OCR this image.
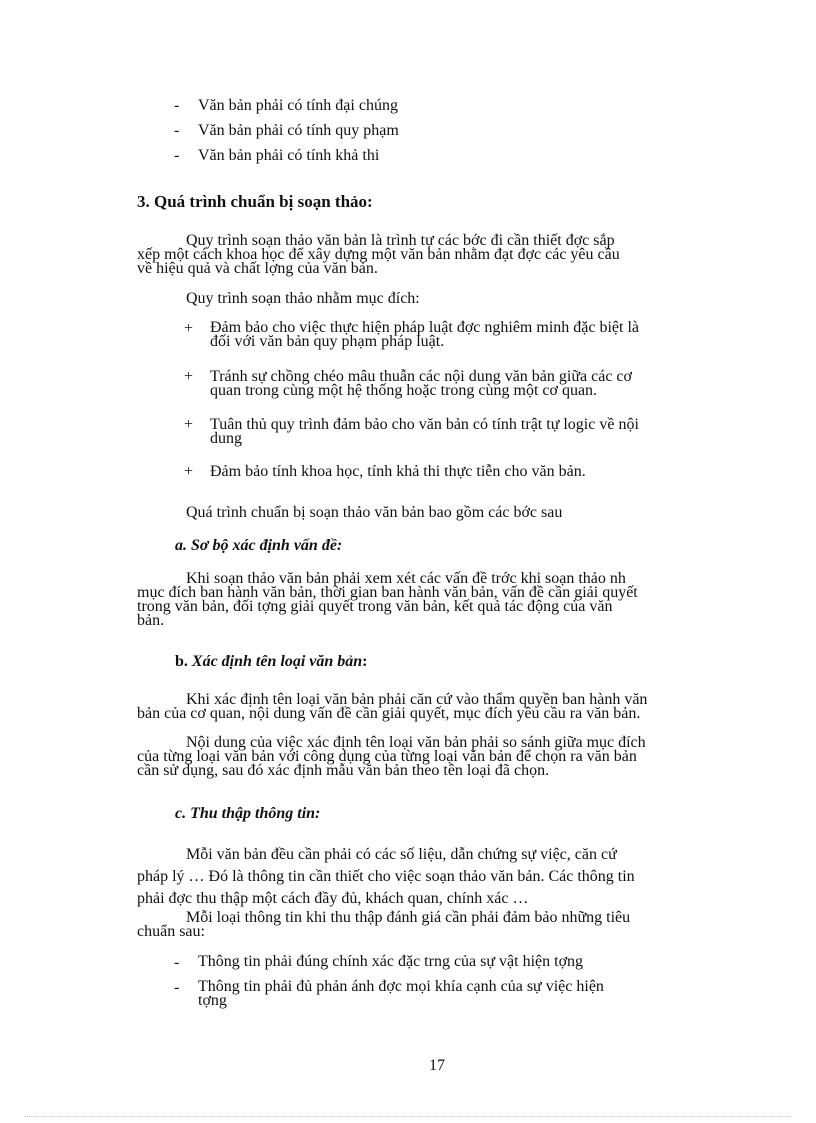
- Văn bản phải có tính đại chúng
- Văn bản phải có tính quy phạm
- Văn bản phải có tính khả thi
3. Quá trình chuẩn bị soạn thảo:
Quy trình soạn thảo văn bản là trình tự các bớc đi cần thiết đợc sắp
xếp một cách khoa học để xây dựng một văn bản nhằm đạt đợc các yêu cầu
về hiệu quả và chất lợng của văn bản.
Quy trình soạn thảo nhằm mục đích:
+ Đảm bảo cho việc thực hiện pháp luật đợc nghiêm minh đặc biệt là
đối với văn bản quy phạm pháp luật.
+ Tránh sự chồng chéo mâu thuẫn các nội dung văn bản giữa các cơ
quan trong cùng một hệ thống hoặc trong cùng một cơ quan.
+ Tuân thủ quy trình đảm bảo cho văn bản có tính trật tự logic về nội
dung
+ Đảm bảo tính khoa học, tính khả thi thực tiễn cho văn bản.
Quá trình chuẩn bị soạn thảo văn bản bao gồm các bớc sau
a. Sơ bộ xác định vấn đề:
Khi soạn thảo văn bản phải xem xét các vấn đề trớc khi soạn thảo nh
mục đích ban hành văn bản, thời gian ban hành văn bản, vấn đề cần giải quyết
trong văn bản, đối tợng giải quyết trong văn bản, kết quả tác động của văn
bản.
b. Xác định tên loại văn bản:
Khi xác định tên loại văn bản phải căn cứ vào thẩm quyền ban hành văn
bản của cơ quan, nội dung vấn đề cần giải quyết, mục đích yêu cầu ra văn bản.
Nội dung của việc xác định tên loại văn bản phải so sánh giữa mục đích
của từng loại văn bản với công dụng của từng loại văn bản để chọn ra văn bản
cần sử dụng, sau đó xác định mẫu văn bản theo tên loại đã chọn.
c. Thu thập thông tin:
Mỗi văn bản đều cần phải có các số liệu, dẫn chứng sự việc, căn cứ
pháp lý … Đó là thông tin cần thiết cho việc soạn thảo văn bản. Các thông tin
phải đợc thu thập một cách đầy đủ, khách quan, chính xác …
Mỗi loại thông tin khi thu thập đánh giá cần phải đảm bảo những tiêu
chuẩn sau:
- Thông tin phải đúng chính xác đặc trng của sự vật hiện tợng
- Thông tin phải đủ phản ánh đợc mọi khía cạnh của sự việc hiện
tợng
17
